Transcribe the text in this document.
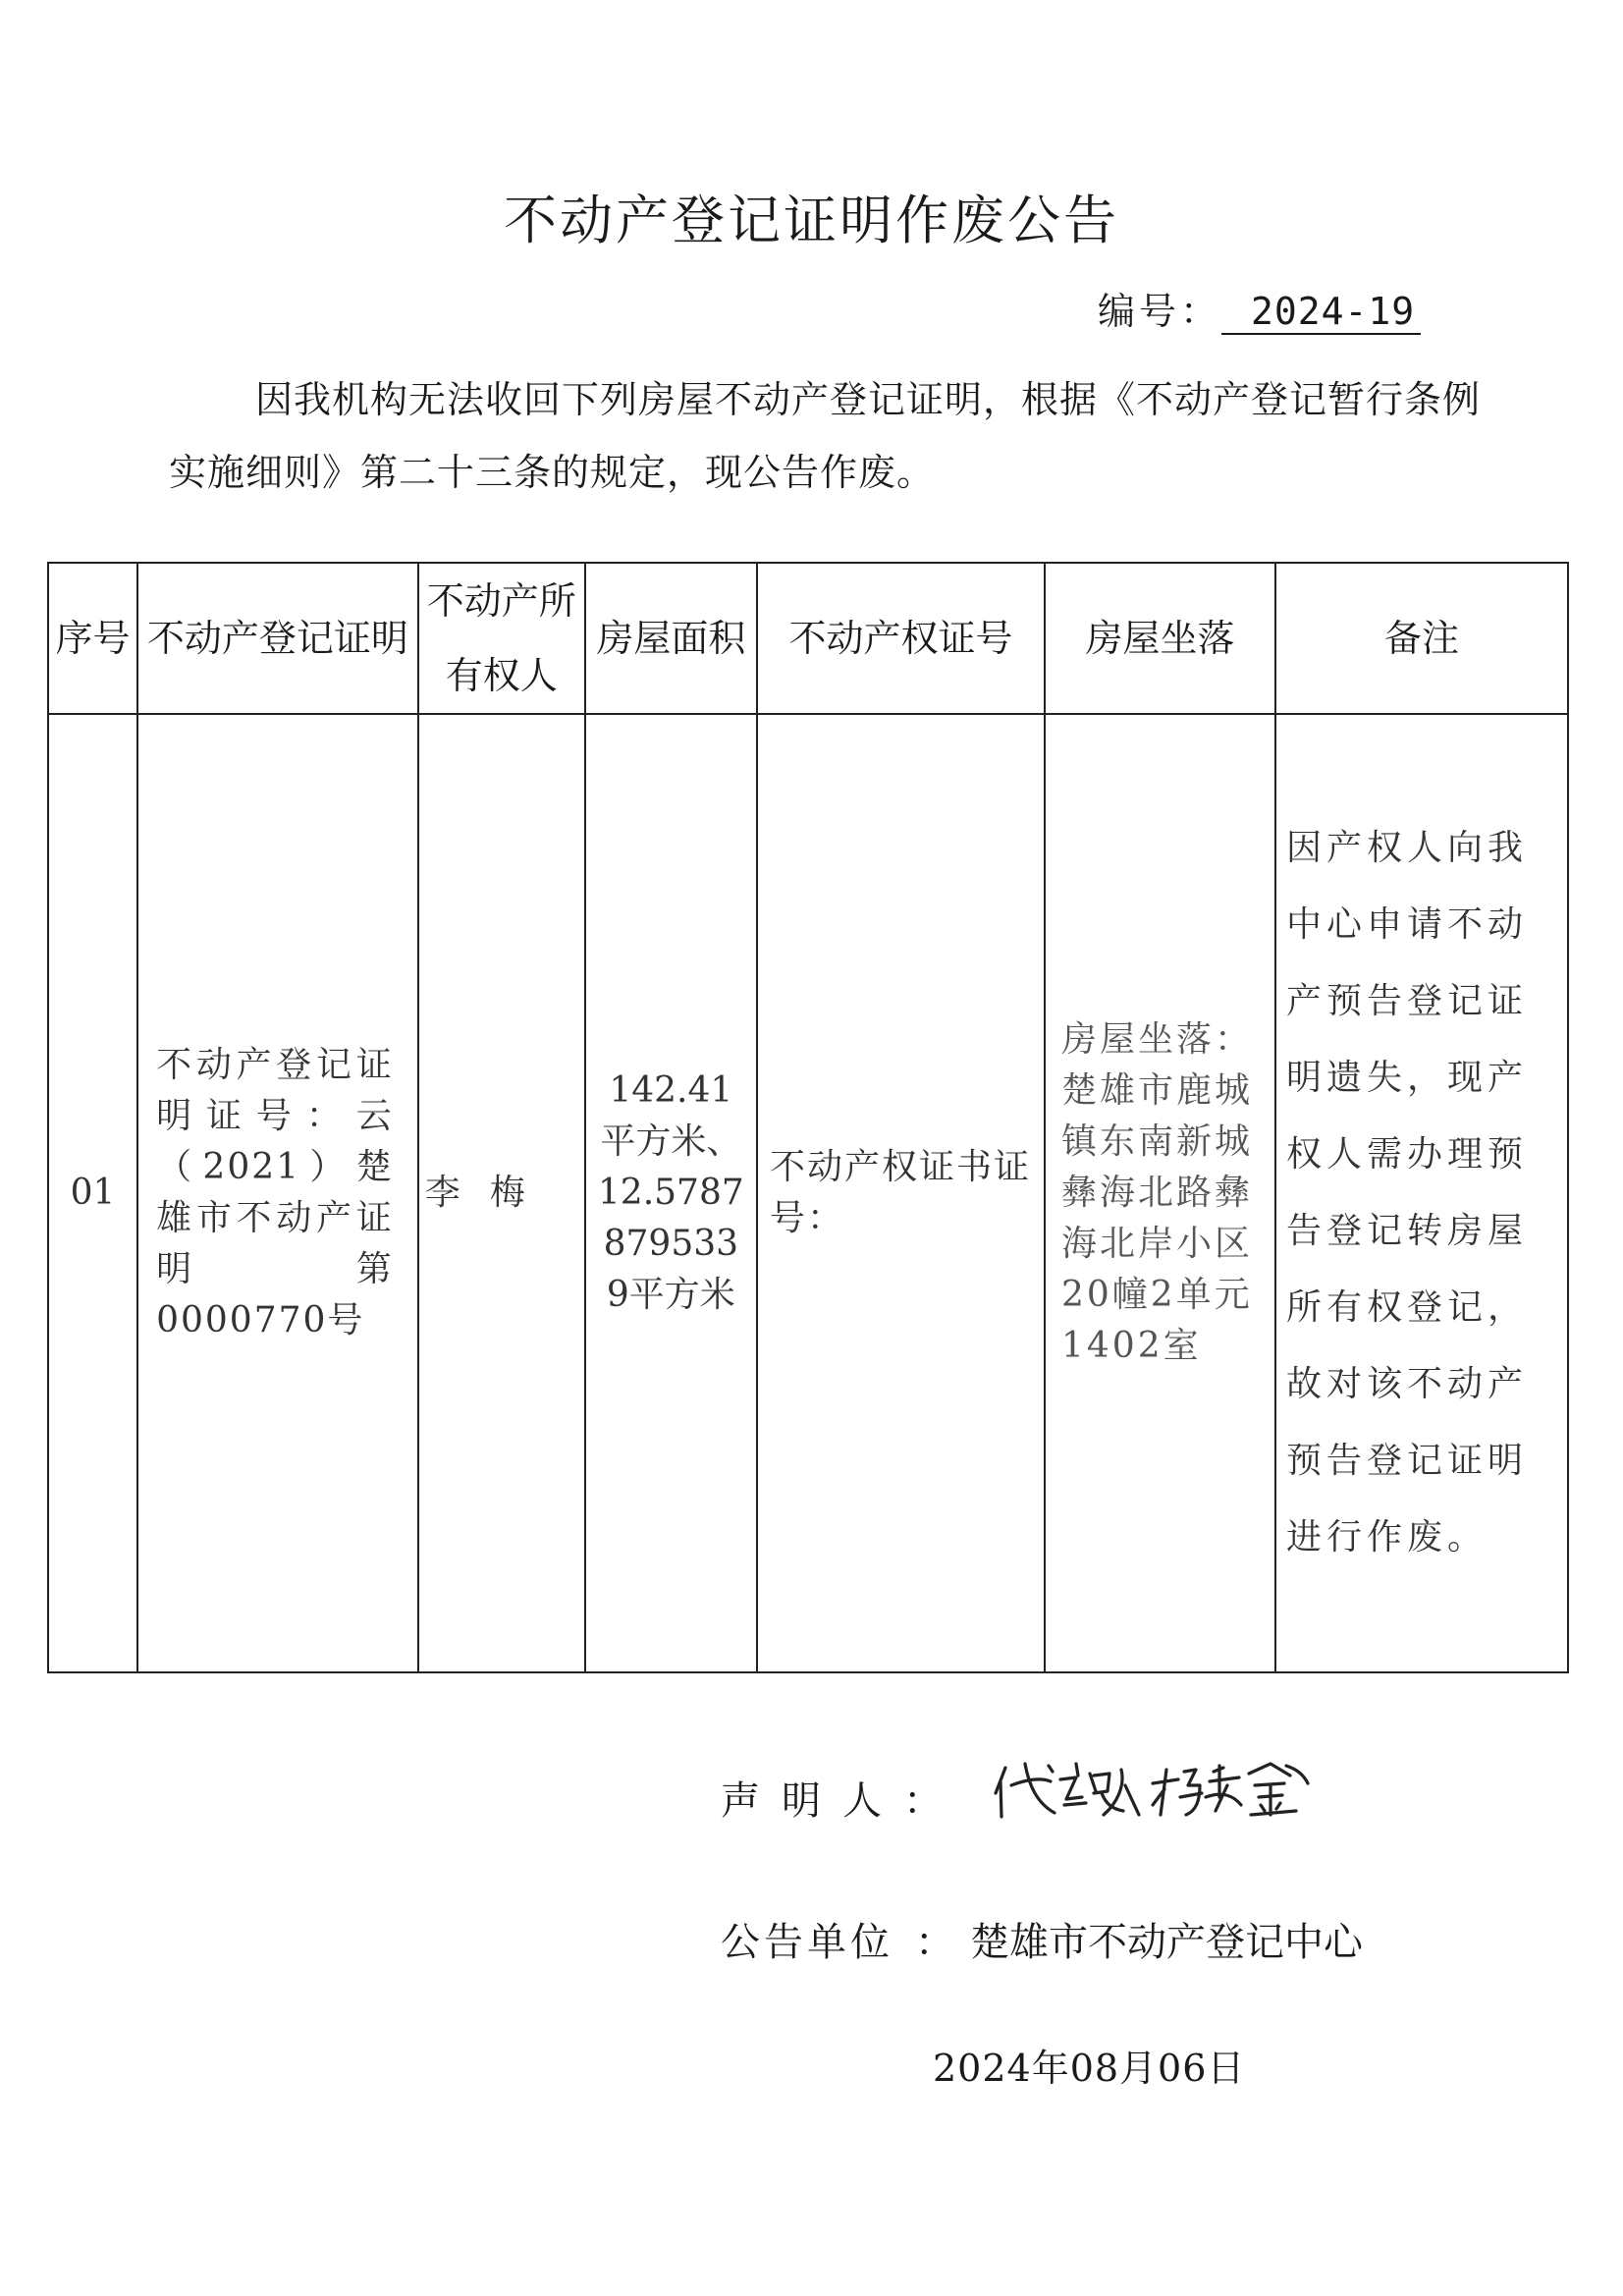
不动产登记证明作废公告
编号： 2024-19

因我机构无法收回下列房屋不动产登记证明，根据《不动产登记暂行条例实施细则》第二十三条的规定，现公告作废。

序号	不动产登记证明	不动产所有权人	房屋面积	不动产权证号	房屋坐落	备注
01	不动产登记证明证号：云（2021）楚雄市不动产证明第0000770号	李梅	142.41平方米、12.57878795339平方米	不动产权证书证号：	房屋坐落：楚雄市鹿城镇东南新城彝海北路彝海北岸小区20幢2单元1402室	因产权人向我中心申请不动产预告登记证明遗失，现产权人需办理预告登记转房屋所有权登记，故对该不动产预告登记证明进行作废。
声明人：
公告单位 ： 楚雄市不动产登记中心
2024年08月06日
